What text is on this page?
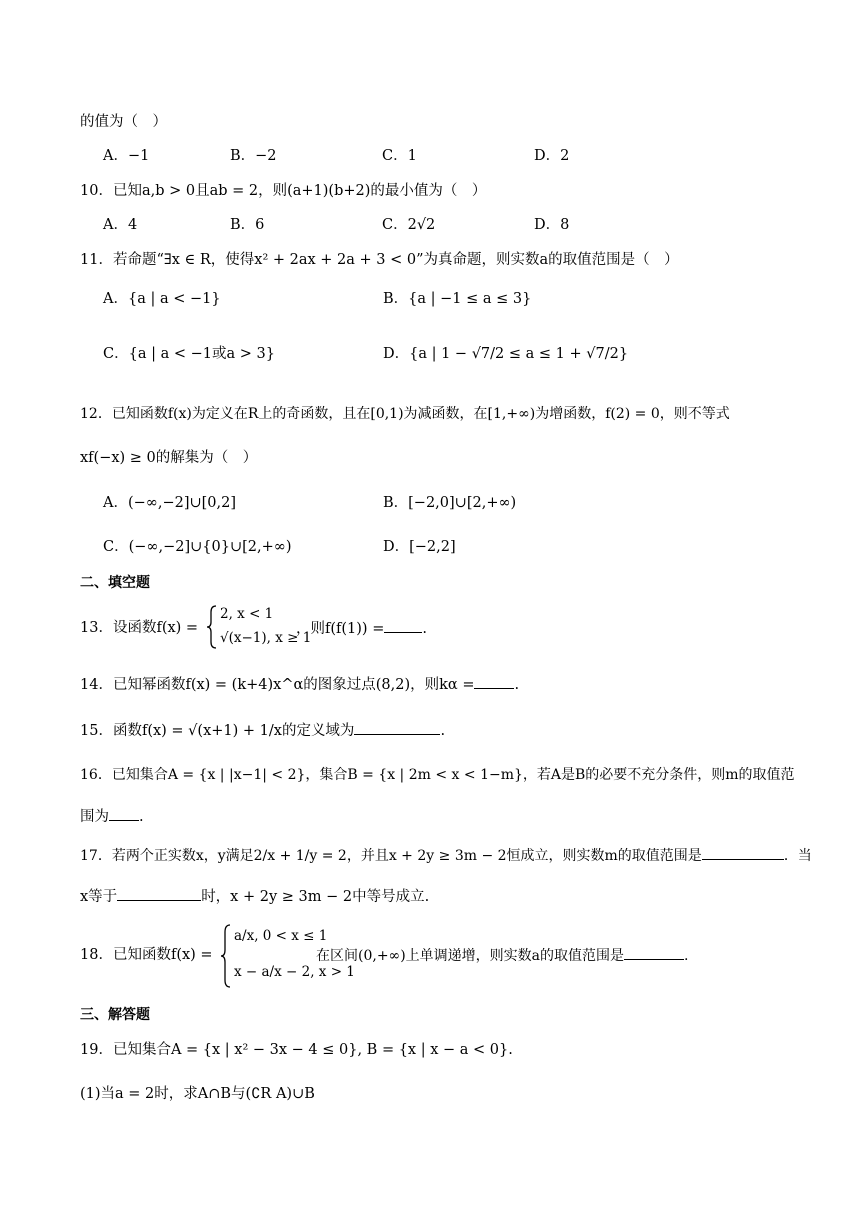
的值为（　）
A．−1	B．−2	C．1	D．2
10．已知a,b > 0且ab = 2，则(a+1)(b+2)的最小值为（　）
A．4	B．6	C．2√2	D．8
11．若命题“∃x ∈ R，使得x² + 2ax + 2a + 3 < 0”为真命题，则实数a的取值范围是（　）
A．{a | a < −1}	B．{a | −1 ≤ a ≤ 3}
C．{a | a < −1或a > 3}	D．{a | 1 − √7/2 ≤ a ≤ 1 + √7/2}
12．已知函数f(x)为定义在R上的奇函数，且在[0,1)为减函数，在[1,+∞)为增函数，f(2) = 0，则不等式
xf(−x) ≥ 0的解集为（　）
A．(−∞,−2]∪[0,2]	B．[−2,0]∪[2,+∞)
C．(−∞,−2]∪{0}∪[2,+∞)	D．[−2,2]
二、填空题
13．设函数f(x) =
2, x < 1
√(x−1), x ≥ 1
，则f(f(1)) =	.
14．已知幂函数f(x) = (k+4)x^α的图象过点(8,2)，则kα =	.
15．函数f(x) = √(x+1) + 1/x的定义域为	.
16．已知集合A = {x | |x−1| < 2}，集合B = {x | 2m < x < 1−m}，若A是B的必要不充分条件，则m的取值范
围为 .
17．若两个正实数x，y满足2/x + 1/y = 2，并且x + 2y ≥ 3m − 2恒成立，则实数m的取值范围是	．当
x等于	时，x + 2y ≥ 3m − 2中等号成立.
18．已知函数f(x) =
a/x, 0 < x ≤ 1
x − a/x − 2, x > 1
在区间(0,+∞)上单调递增，则实数a的取值范围是	.
三、解答题
19．已知集合A = {x | x² − 3x − 4 ≤ 0}, B = {x | x − a < 0}.
(1)当a = 2时，求A∩B与(∁R A)∪B
